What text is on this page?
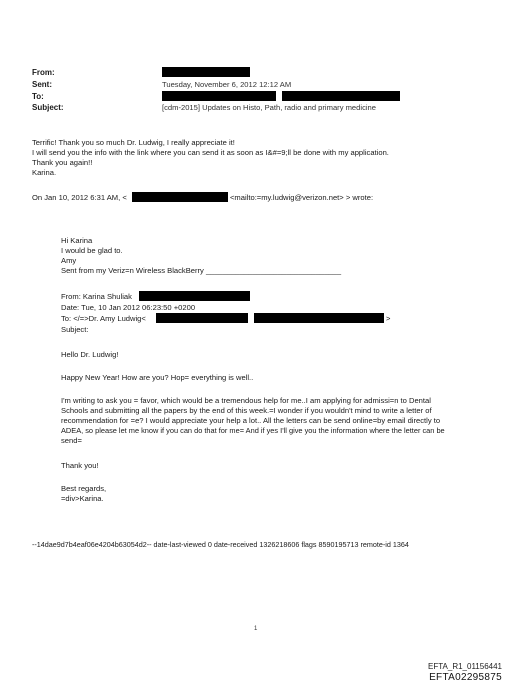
From:
Sent:	Tuesday, November 6, 2012 12:12 AM
To:
Subject:	[cdm-2015] Updates on Histo, Path, radio and primary medicine
Terrific! Thank you so much Dr. Ludwig, I really appreciate it!
I will send you the info with the link where you can send it as soon as I&#=9;ll be done with my application.
Thank you again!!
Karina.
On Jan 10, 2012 6:31 AM, <	<mailto:=my.ludwig@verizon.net> > wrote:
Hi Karina
I would be glad to.
Amy
Sent from my Veriz=n Wireless BlackBerry ________________________________
From: Karina Shuliak
Date: Tue, 10 Jan 2012 06:23:50 +0200
To: </=>Dr. Amy Ludwig<	>
Subject:
Hello Dr. Ludwig!
Happy New Year! How are you? Hop= everything is well..
I'm writing to ask you = favor, which would be a tremendous help for me..I am applying for admissi=n to Dental
Schools and submitting all the papers by the end of this week.=I wonder if you wouldn't mind to write a letter of
recommendation for =e? I would appreciate your help a lot.. All the letters can be send online=by email directly to
ADEA, so please let me know if you can do that for me= And if yes I'll give you the information where the letter can be
send=
Thank you!
Best regards,
=div>Karina.
--14dae9d7b4eaf06e4204b63054d2-- date-last-viewed 0 date-received 1326218606 flags 8590195713 remote-id 1364
1
EFTA_R1_01156441
EFTA02295875
